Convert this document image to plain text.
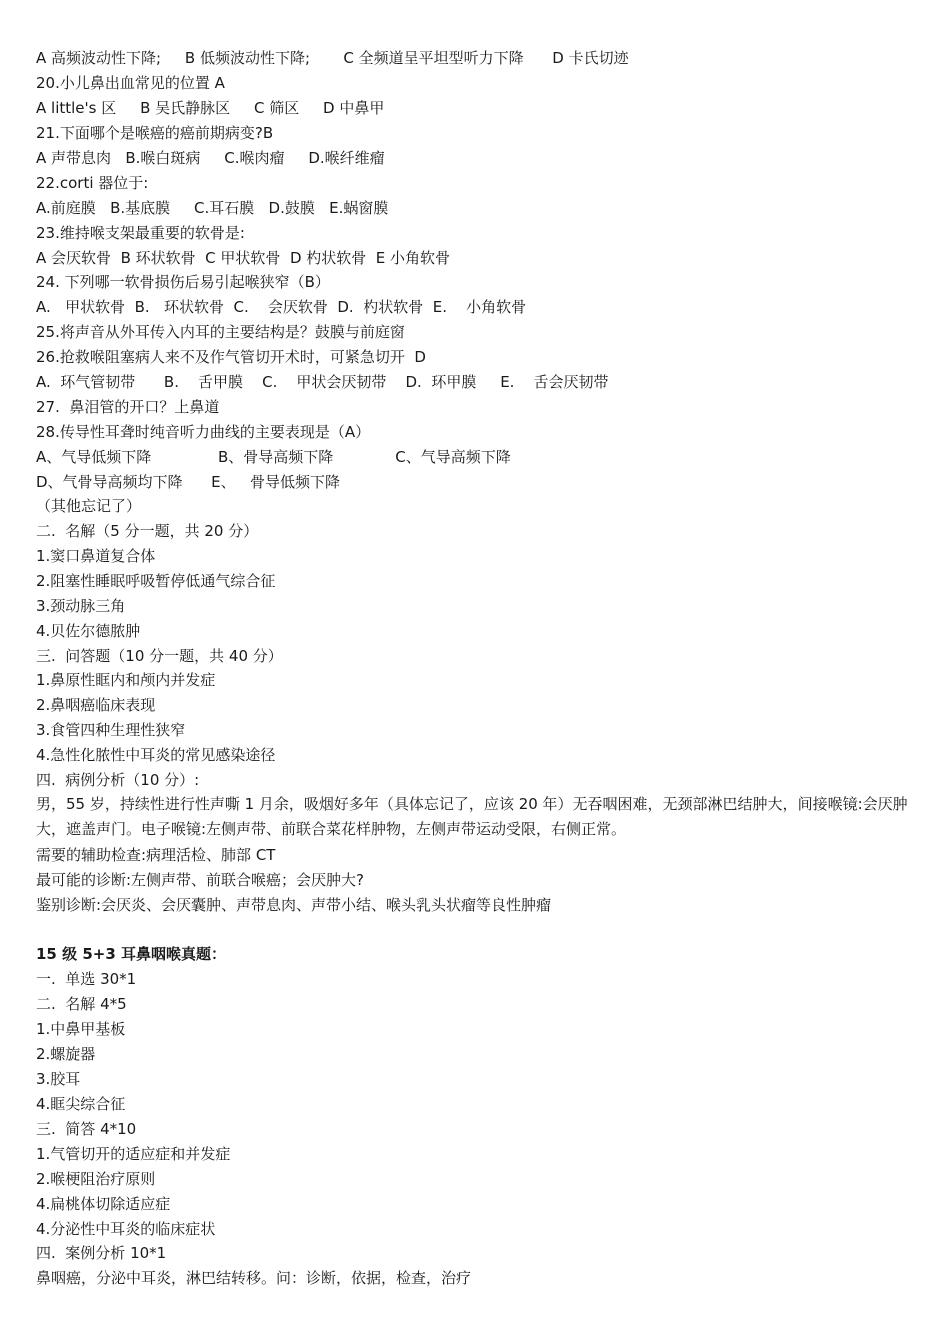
A 高频波动性下降;     B 低频波动性下降;       C 全频道呈平坦型听力下降      D 卡氏切迹
20.小儿鼻出血常见的位置 A
A little's 区     B 吴氏静脉区     C 筛区     D 中鼻甲
21.下面哪个是喉癌的癌前期病变?B
A 声带息肉   B.喉白斑病     C.喉肉瘤     D.喉纤维瘤
22.corti 器位于:
A.前庭膜   B.基底膜     C.耳石膜   D.鼓膜   E.蜗窗膜
23.维持喉支架最重要的软骨是:
A 会厌软骨  B 环状软骨  C 甲状软骨  D 杓状软骨  E 小角软骨
24. 下列哪一软骨损伤后易引起喉狭窄（B）
A.   甲状软骨  B.   环状软骨  C.    会厌软骨  D.  杓状软骨  E.    小角软骨
25.将声音从外耳传入内耳的主要结构是？鼓膜与前庭窗
26.抢救喉阻塞病人来不及作气管切开术时，可紧急切开  D
A.  环气管韧带      B.    舌甲膜    C.    甲状会厌韧带    D.  环甲膜     E.    舌会厌韧带
27.  鼻泪管的开口？上鼻道
28.传导性耳聋时纯音听力曲线的主要表现是（A）
A、气导低频下降              B、骨导高频下降             C、气导高频下降
D、气骨导高频均下降      E、   骨导低频下降
（其他忘记了）
二.  名解（5 分一题，共 20 分）
1.窦口鼻道复合体
2.阻塞性睡眠呼吸暂停低通气综合征
3.颈动脉三角
4.贝佐尔德脓肿
三.  问答题（10 分一题，共 40 分）
1.鼻原性眶内和颅内并发症
2.鼻咽癌临床表现
3.食管四种生理性狭窄
4.急性化脓性中耳炎的常见感染途径
四.  病例分析（10 分）:
男，55 岁，持续性进行性声嘶 1 月余，吸烟好多年（具体忘记了，应该 20 年）无吞咽困难，无颈部淋巴结肿大，间接喉镜:会厌肿大，遮盖声门。电子喉镜:左侧声带、前联合菜花样肿物，左侧声带运动受限，右侧正常。
需要的辅助检查:病理活检、肺部 CT
最可能的诊断:左侧声带、前联合喉癌；会厌肿大?
鉴别诊断:会厌炎、会厌囊肿、声带息肉、声带小结、喉头乳头状瘤等良性肿瘤
15 级 5+3 耳鼻咽喉真题：
一.  单选 30*1
二.  名解 4*5
1.中鼻甲基板
2.螺旋器
3.胶耳
4.眶尖综合征
三.  简答 4*10
1.气管切开的适应症和并发症
2.喉梗阻治疗原则
4.扁桃体切除适应症
4.分泌性中耳炎的临床症状
四.  案例分析 10*1
鼻咽癌，分泌中耳炎，淋巴结转移。问：诊断，依据，检查，治疗
